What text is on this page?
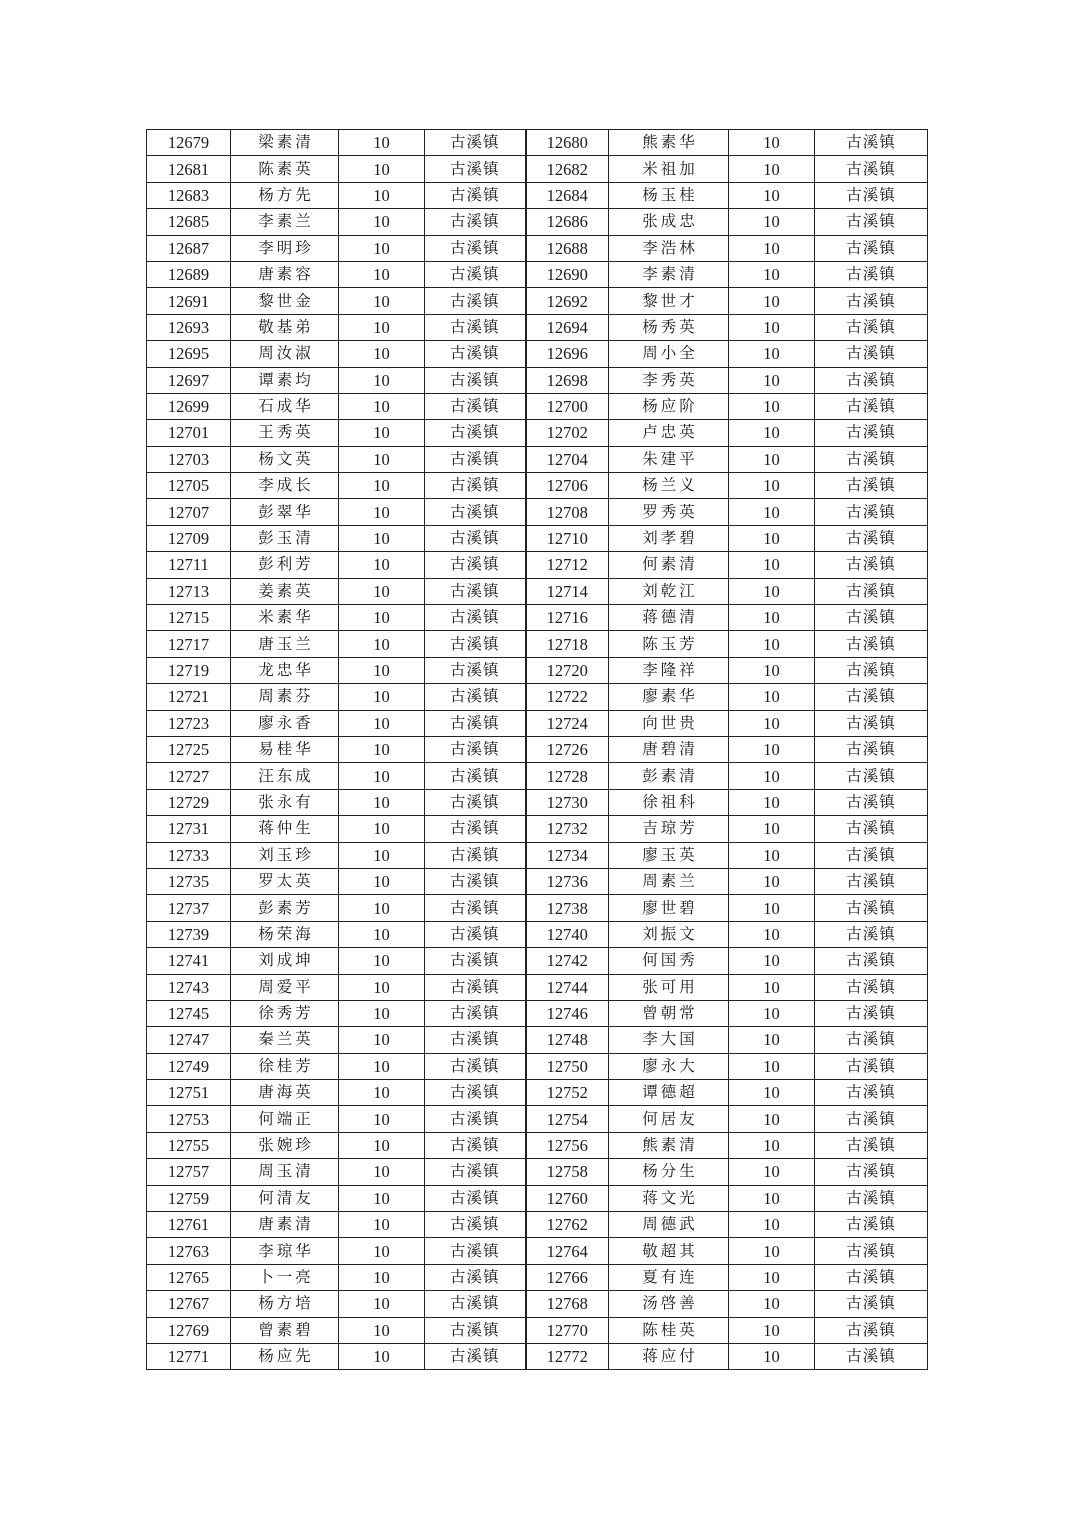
12679	梁素清	10	古溪镇	12680	熊素华	10	古溪镇
12681	陈素英	10	古溪镇	12682	米祖加	10	古溪镇
12683	杨方先	10	古溪镇	12684	杨玉桂	10	古溪镇
12685	李素兰	10	古溪镇	12686	张成忠	10	古溪镇
12687	李明珍	10	古溪镇	12688	李浩林	10	古溪镇
12689	唐素容	10	古溪镇	12690	李素清	10	古溪镇
12691	黎世金	10	古溪镇	12692	黎世才	10	古溪镇
12693	敬基弟	10	古溪镇	12694	杨秀英	10	古溪镇
12695	周汝淑	10	古溪镇	12696	周小全	10	古溪镇
12697	谭素均	10	古溪镇	12698	李秀英	10	古溪镇
12699	石成华	10	古溪镇	12700	杨应阶	10	古溪镇
12701	王秀英	10	古溪镇	12702	卢忠英	10	古溪镇
12703	杨文英	10	古溪镇	12704	朱建平	10	古溪镇
12705	李成长	10	古溪镇	12706	杨兰义	10	古溪镇
12707	彭翠华	10	古溪镇	12708	罗秀英	10	古溪镇
12709	彭玉清	10	古溪镇	12710	刘孝碧	10	古溪镇
12711	彭利芳	10	古溪镇	12712	何素清	10	古溪镇
12713	姜素英	10	古溪镇	12714	刘乾江	10	古溪镇
12715	米素华	10	古溪镇	12716	蒋德清	10	古溪镇
12717	唐玉兰	10	古溪镇	12718	陈玉芳	10	古溪镇
12719	龙忠华	10	古溪镇	12720	李隆祥	10	古溪镇
12721	周素芬	10	古溪镇	12722	廖素华	10	古溪镇
12723	廖永香	10	古溪镇	12724	向世贵	10	古溪镇
12725	易桂华	10	古溪镇	12726	唐碧清	10	古溪镇
12727	汪东成	10	古溪镇	12728	彭素清	10	古溪镇
12729	张永有	10	古溪镇	12730	徐祖科	10	古溪镇
12731	蒋仲生	10	古溪镇	12732	吉琼芳	10	古溪镇
12733	刘玉珍	10	古溪镇	12734	廖玉英	10	古溪镇
12735	罗太英	10	古溪镇	12736	周素兰	10	古溪镇
12737	彭素芳	10	古溪镇	12738	廖世碧	10	古溪镇
12739	杨荣海	10	古溪镇	12740	刘振文	10	古溪镇
12741	刘成坤	10	古溪镇	12742	何国秀	10	古溪镇
12743	周爱平	10	古溪镇	12744	张可用	10	古溪镇
12745	徐秀芳	10	古溪镇	12746	曾朝常	10	古溪镇
12747	秦兰英	10	古溪镇	12748	李大国	10	古溪镇
12749	徐桂芳	10	古溪镇	12750	廖永大	10	古溪镇
12751	唐海英	10	古溪镇	12752	谭德超	10	古溪镇
12753	何端正	10	古溪镇	12754	何居友	10	古溪镇
12755	张婉珍	10	古溪镇	12756	熊素清	10	古溪镇
12757	周玉清	10	古溪镇	12758	杨分生	10	古溪镇
12759	何清友	10	古溪镇	12760	蒋文光	10	古溪镇
12761	唐素清	10	古溪镇	12762	周德武	10	古溪镇
12763	李琼华	10	古溪镇	12764	敬超其	10	古溪镇
12765	卜一亮	10	古溪镇	12766	夏有连	10	古溪镇
12767	杨方培	10	古溪镇	12768	汤啓善	10	古溪镇
12769	曾素碧	10	古溪镇	12770	陈桂英	10	古溪镇
12771	杨应先	10	古溪镇	12772	蒋应付	10	古溪镇
